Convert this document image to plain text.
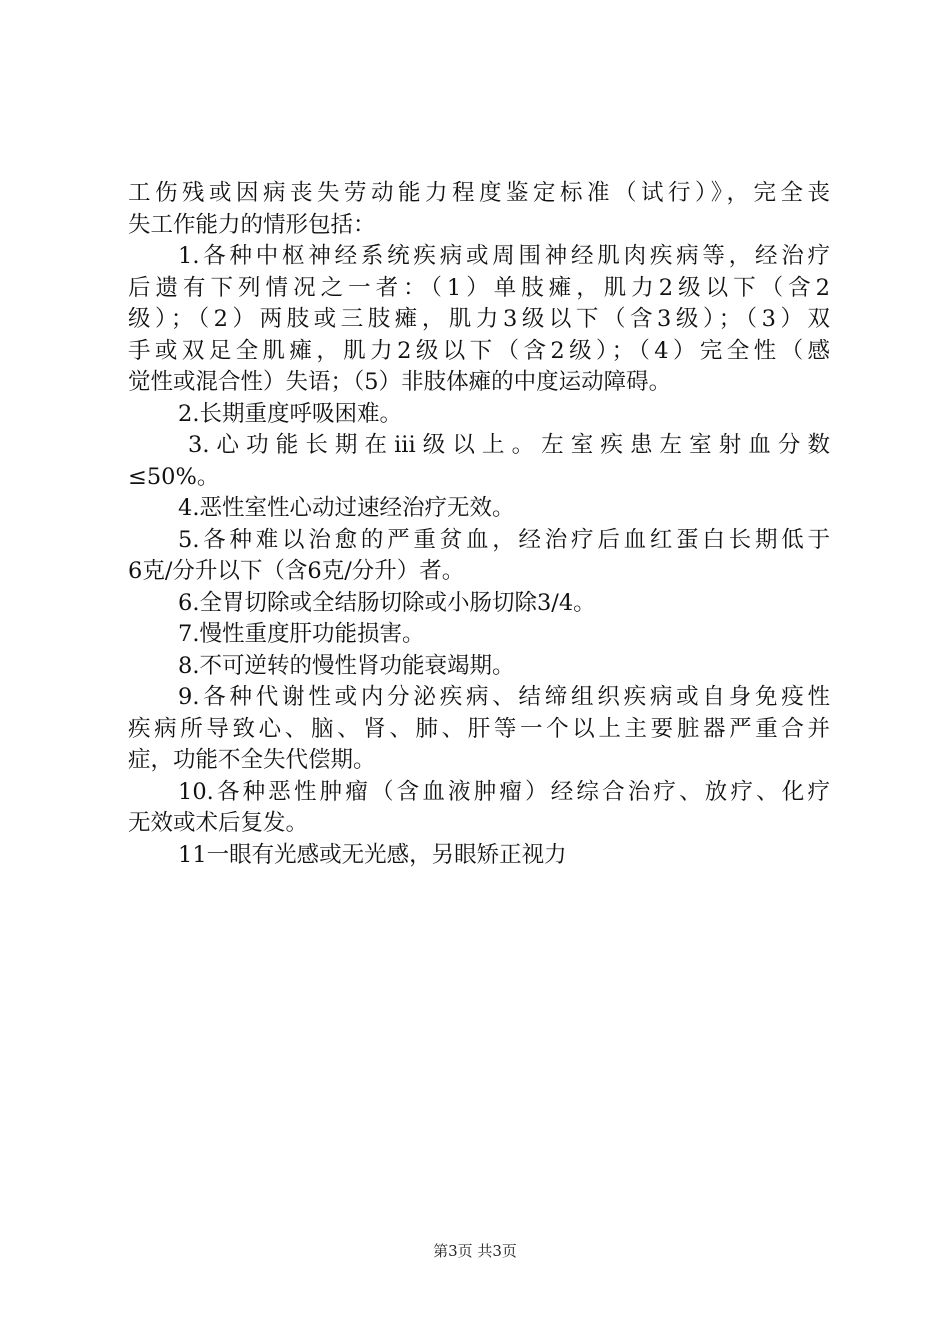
工伤残或因病丧失劳动能力程度鉴定标准（试行）》，完全丧
失工作能力的情形包括：
1.各种中枢神经系统疾病或周围神经肌肉疾病等，经治疗
后遗有下列情况之一者：（1）单肢瘫，肌力2级以下（含2
级）；（2）两肢或三肢瘫，肌力3级以下（含3级）；（3）双
手或双足全肌瘫，肌力2级以下（含2级）；（4）完全性（感
觉性或混合性）失语；（5）非肢体瘫的中度运动障碍。
2.长期重度呼吸困难。
3.心功能长期在iii级以上。左室疾患左室射血分数
≤50%。
4.恶性室性心动过速经治疗无效。
5.各种难以治愈的严重贫血，经治疗后血红蛋白长期低于
6克/分升以下（含6克/分升）者。
6.全胃切除或全结肠切除或小肠切除3/4。
7.慢性重度肝功能损害。
8.不可逆转的慢性肾功能衰竭期。
9.各种代谢性或内分泌疾病、结缔组织疾病或自身免疫性
疾病所导致心、脑、肾、肺、肝等一个以上主要脏器严重合并
症，功能不全失代偿期。
10.各种恶性肿瘤（含血液肿瘤）经综合治疗、放疗、化疗
无效或术后复发。
11一眼有光感或无光感，另眼矫正视力
第3页 共3页
